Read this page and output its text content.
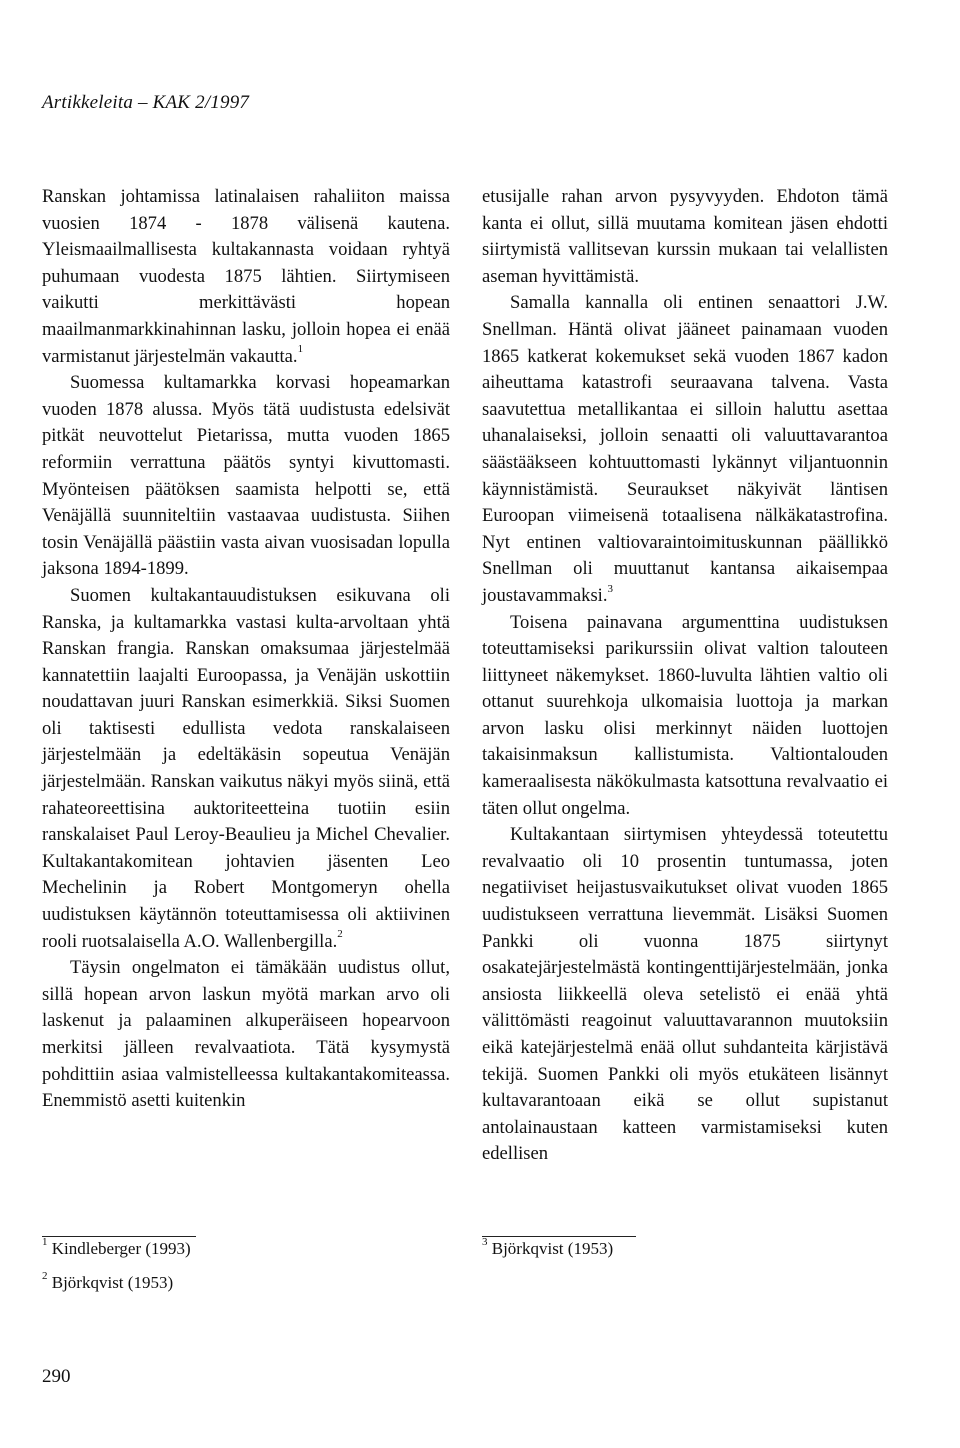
Artikkeleita – KAK 2/1997

Ranskan johtamissa latinalaisen rahaliiton maissa vuosien 1874 - 1878 välisenä kautena. Yleismaailmallisesta kultakannasta voidaan ryhtyä puhumaan vuodesta 1875 lähtien. Siirtymiseen vaikutti merkittävästi hopean maailmanmarkkinahinnan lasku, jolloin hopea ei enää varmistanut järjestelmän vakautta.$^1$

Suomessa kultamarkka korvasi hopeamarkan vuoden 1878 alussa. Myös tätä uudistusta edelsivät pitkät neuvottelut Pietarissa, mutta vuoden 1865 reformiin verrattuna päätös syntyi kivuttomasti. Myönteisen päätöksen saamista helpotti se, että Venäjällä suunniteltiin vastaavaa uudistusta. Siihen tosin Venäjällä päästiin vasta aivan vuosisadan lopulla jaksona 1894-1899.

Suomen kultakantauudistuksen esikuvana oli Ranska, ja kultamarkka vastasi kulta-arvoltaan yhtä Ranskan frangia. Ranskan omaksumaa järjestelmää kannatettiin laajalti Euroopassa, ja Venäjän uskottiin noudattavan juuri Ranskan esimerkkiä. Siksi Suomen oli taktisesti edullista vedota ranskalaiseen järjestelmään ja edeltäkäsin sopeutua Venäjän järjestelmään. Ranskan vaikutus näkyi myös siinä, että rahateoreettisina auktoriteetteina tuotiin esiin ranskalaiset Paul Leroy-Beaulieu ja Michel Chevalier. Kultakantakomitean johtavien jäsenten Leo Mechelinin ja Robert Montgomeryn ohella uudistuksen käytännön toteuttamisessa oli aktiivinen rooli ruotsalaisella A.O. Wallenbergilla.$^2$

Täysin ongelmaton ei tämäkään uudistus ollut, sillä hopean arvon laskun myötä markan arvo oli laskenut ja palaaminen alkuperäiseen hopearvoon merkitsi jälleen revalvaatiota. Tätä kysymystä pohdittiin asiaa valmistelleessa kultakantakomiteassa. Enemmistö asetti kuitenkin

etusijalle rahan arvon pysyvyyden. Ehdoton tämä kanta ei ollut, sillä muutama komitean jäsen ehdotti siirtymistä vallitsevan kurssin mukaan tai velallisten aseman hyvittämistä.

Samalla kannalla oli entinen senaattori J.W. Snellman. Häntä olivat jääneet painamaan vuoden 1865 katkerat kokemukset sekä vuoden 1867 kadon aiheuttama katastrofi seuraavana talvena. Vasta saavutettua metallikantaa ei silloin haluttu asettaa uhanalaiseksi, jolloin senaatti oli valuuttavarantoa säästääkseen kohtuuttomasti lykännyt viljantuonnin käynnistämistä. Seuraukset näkyivät läntisen Euroopan viimeisenä totaalisena nälkäkatastrofina. Nyt entinen valtiovaraintoimituskunnan päällikkö Snellman oli muuttanut kantansa aikaisempaa joustavammaksi.$^3$

Toisena painavana argumenttina uudistuksen toteuttamiseksi parikurssiin olivat valtion talouteen liittyneet näkemykset. 1860-luvulta lähtien valtio oli ottanut suurehkoja ulkomaisia luottoja ja markan arvon lasku olisi merkinnyt näiden luottojen takaisinmaksun kallistumista. Valtiontalouden kameraalisesta näkökulmasta katsottuna revalvaatio ei täten ollut ongelma.

Kultakantaan siirtymisen yhteydessä toteutettu revalvaatio oli 10 prosentin tuntumassa, joten negatiiviset heijastusvaikutukset olivat vuoden 1865 uudistukseen verrattuna lievemmät. Lisäksi Suomen Pankki oli vuonna 1875 siirtynyt osakatejärjestelmästä kontingenttijärjestelmään, jonka ansiosta liikkeellä oleva setelistö ei enää yhtä välittömästi reagoinut valuuttavarannon muutoksiin eikä katejärjestelmä enää ollut suhdanteita kärjistävä tekijä. Suomen Pankki oli myös etukäteen lisännyt kultavarantoaan eikä se ollut supistanut antolainaustaan katteen varmistamiseksi kuten edellisen

$^1$ Kindleberger (1993)
$^2$ Björkqvist (1953)
$^3$ Björkqvist (1953)
290
